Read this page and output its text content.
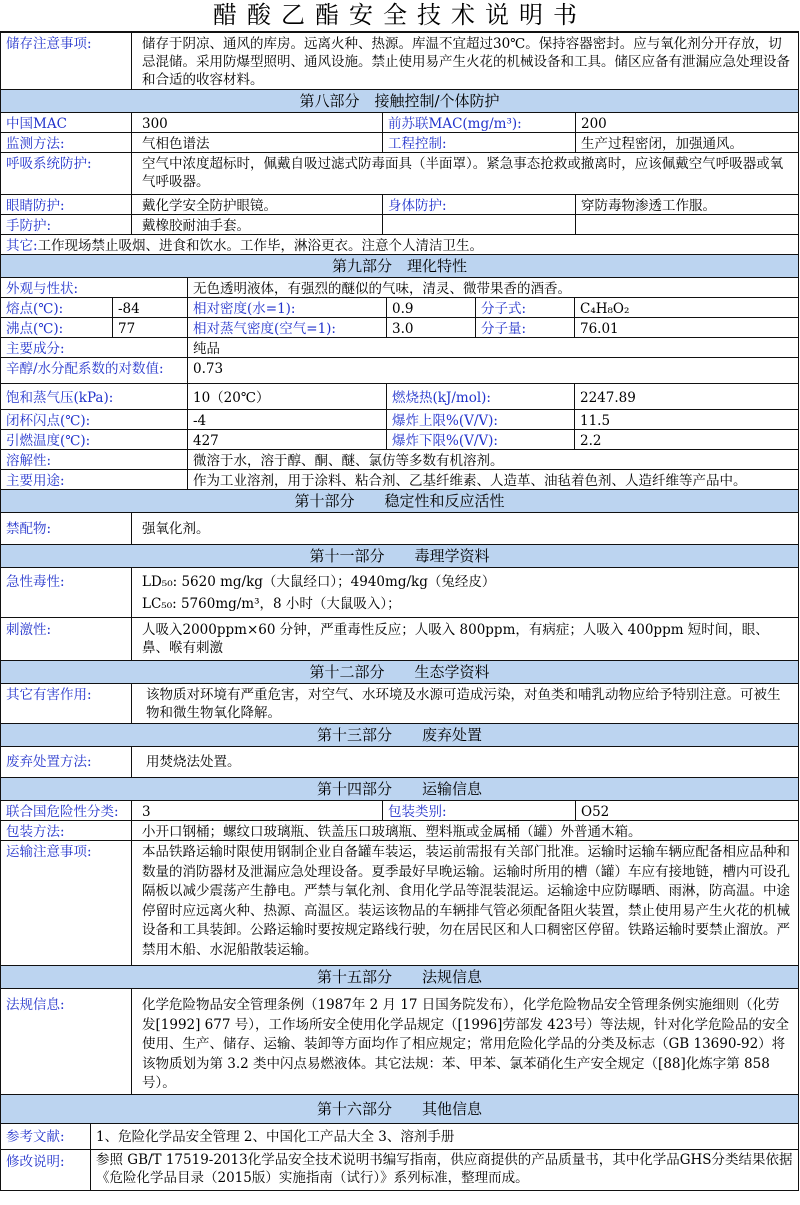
醋酸乙酯安全技术说明书
储存注意事项:	储存于阴凉、通风的库房。远离火种、热源。库温不宜超过30℃。保持容器密封。应与氧化剂分开存放，切忌混储。采用防爆型照明、通风设施。禁止使用易产生火花的机械设备和工具。储区应备有泄漏应急处理设备和合适的收容材料。
第八部分　接触控制/个体防护
中国MAC	300	前苏联MAC(mg/m³):	200
监测方法:	气相色谱法	工程控制:	生产过程密闭，加强通风。
呼吸系统防护:	空气中浓度超标时，佩戴自吸过滤式防毒面具（半面罩）。紧急事态抢救或撤离时，应该佩戴空气呼吸器或氧气呼吸器。
眼睛防护:	戴化学安全防护眼镜。	身体防护:	穿防毒物渗透工作服。
手防护:	戴橡胶耐油手套。
其它:工作现场禁止吸烟、进食和饮水。工作毕，淋浴更衣。注意个人清洁卫生。
第九部分　理化特性
外观与性状:	无色透明液体，有强烈的醚似的气味，清灵、微带果香的酒香。
熔点(℃):	-84	相对密度(水=1):	0.9	分子式:	C₄H₈O₂
沸点(℃):	77	相对蒸气密度(空气=1):	3.0	分子量:	76.01
主要成分:	纯品
辛醇/水分配系数的对数值:	0.73
饱和蒸气压(kPa):	10（20℃）	燃烧热(kJ/mol):	2247.89
闭杯闪点(℃):	-4	爆炸上限%(V/V):	11.5
引燃温度(℃):	427	爆炸下限%(V/V):	2.2
溶解性:	微溶于水，溶于醇、酮、醚、氯仿等多数有机溶剂。
主要用途:	作为工业溶剂，用于涂料、粘合剂、乙基纤维素、人造革、油毡着色剂、人造纤维等产品中。
第十部分　　稳定性和反应活性
禁配物:	强氧化剂。
第十一部分　　毒理学资料
急性毒性:	LD₅₀: 5620 mg/kg（大鼠经口）；4940mg/kg（兔经皮）
LC₅₀: 5760mg/m³，8 小时（大鼠吸入）；
刺激性:	人吸入2000ppm×60 分钟，严重毒性反应；人吸入 800ppm，有病症；人吸入 400ppm 短时间，眼、鼻、喉有刺激
第十二部分　　生态学资料
其它有害作用:	该物质对环境有严重危害，对空气、水环境及水源可造成污染，对鱼类和哺乳动物应给予特别注意。可被生物和微生物氧化降解。
第十三部分　　废弃处置
废弃处置方法:	用焚烧法处置。
第十四部分　　运输信息
联合国危险性分类:	3	包装类别:	O52
包装方法:	小开口钢桶；螺纹口玻璃瓶、铁盖压口玻璃瓶、塑料瓶或金属桶（罐）外普通木箱。
运输注意事项:	本品铁路运输时限使用钢制企业自备罐车装运，装运前需报有关部门批准。运输时运输车辆应配备相应品种和数量的消防器材及泄漏应急处理设备。夏季最好早晚运输。运输时所用的槽（罐）车应有接地链，槽内可设孔隔板以减少震荡产生静电。严禁与氧化剂、食用化学品等混装混运。运输途中应防曝晒、雨淋，防高温。中途停留时应远离火种、热源、高温区。装运该物品的车辆排气管必须配备阻火装置，禁止使用易产生火花的机械设备和工具装卸。公路运输时要按规定路线行驶，勿在居民区和人口稠密区停留。铁路运输时要禁止溜放。严禁用木船、水泥船散装运输。
第十五部分　　法规信息
法规信息:	化学危险物品安全管理条例（1987年 2 月 17 日国务院发布），化学危险物品安全管理条例实施细则（化劳发[1992] 677 号），工作场所安全使用化学品规定（[1996]劳部发 423号）等法规，针对化学危险品的安全使用、生产、储存、运输、装卸等方面均作了相应规定；常用危险化学品的分类及标志（GB 13690-92）将该物质划为第 3.2 类中闪点易燃液体。其它法规：苯、甲苯、氯苯硝化生产安全规定（[88]化炼字第 858号）。
第十六部分　　其他信息
参考文献:	1、危险化学品安全管理 2、中国化工产品大全 3、溶剂手册
修改说明:	参照 GB/T 17519-2013化学品安全技术说明书编写指南，供应商提供的产品质量书，其中化学品GHS分类结果依据《危险化学品目录（2015版）实施指南（试行）》系列标准，整理而成。
